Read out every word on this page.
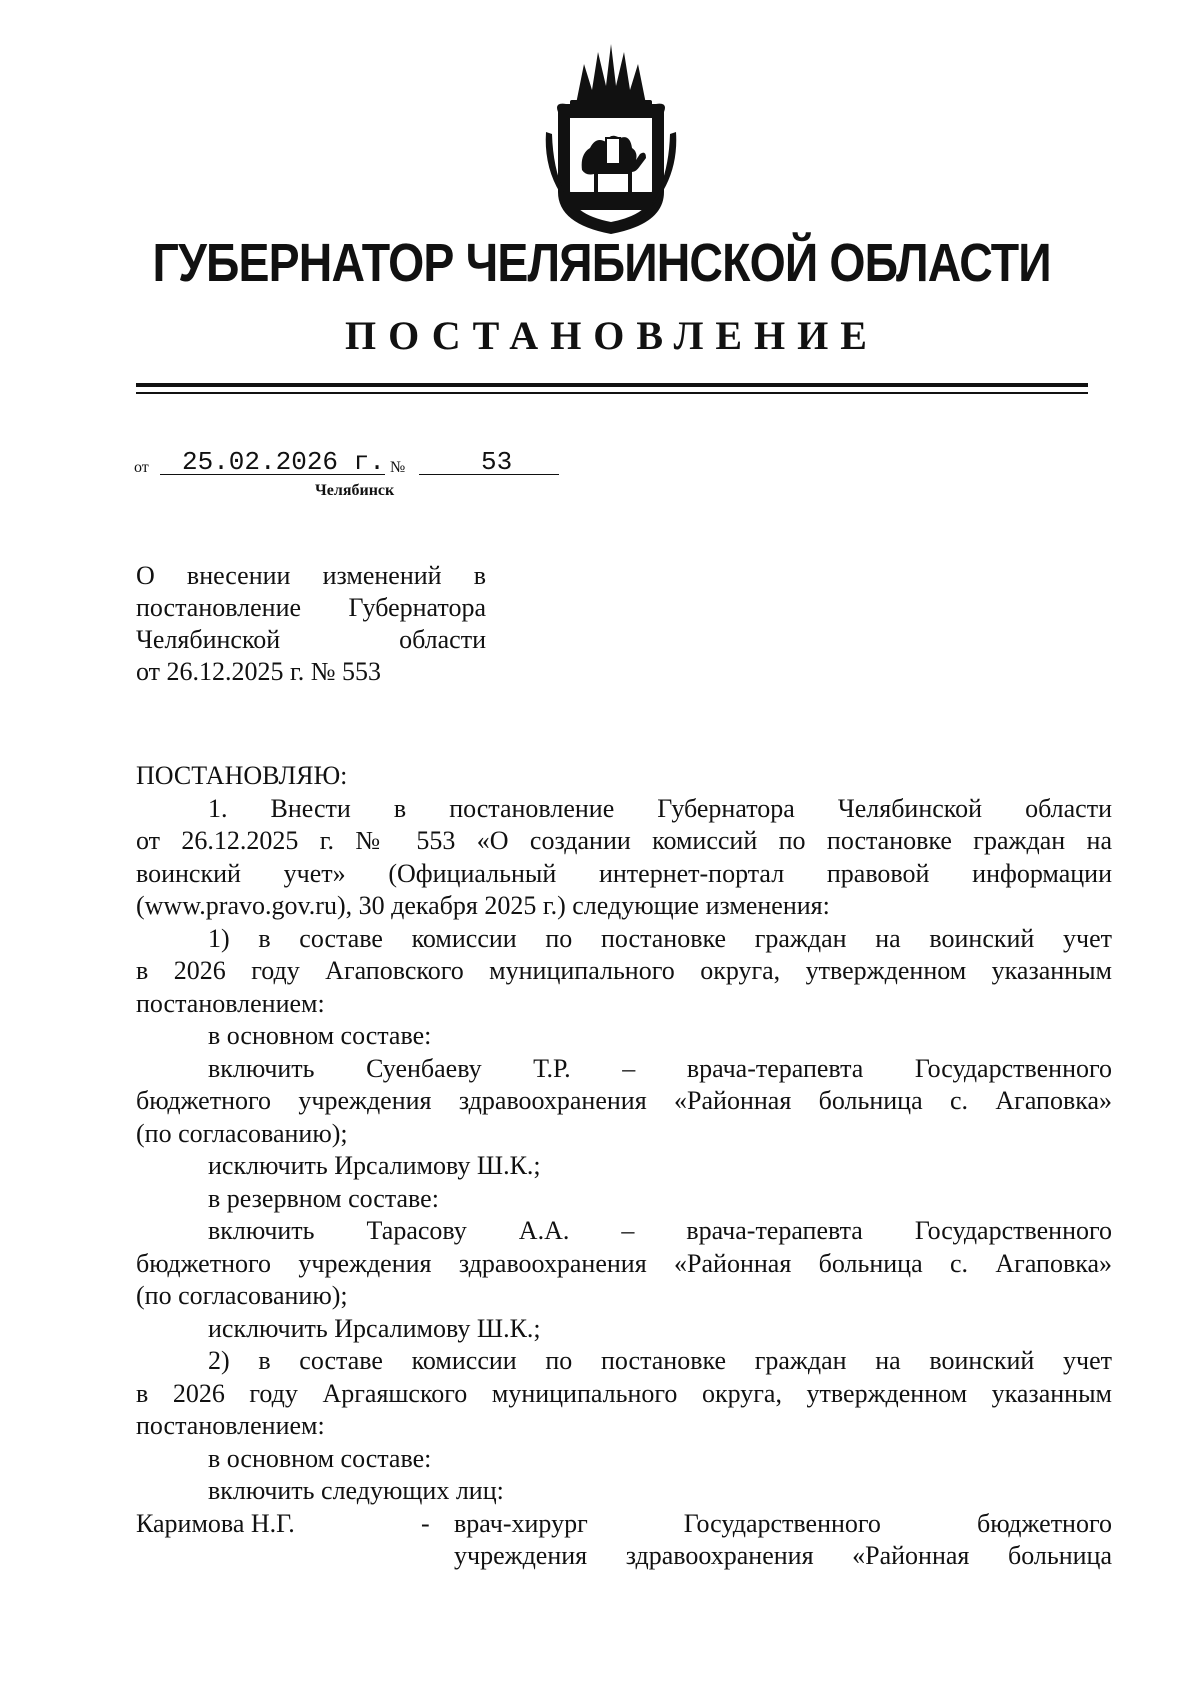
ГУБЕРНАТОР ЧЕЛЯБИНСКОЙ ОБЛАСТИ
ПОСТАНОВЛЕНИЕ
от 25.02.2026 г. №	53
Челябинск
О внесении изменений в
постановление Губернатора
Челябинской области
от 26.12.2025 г. № 553
ПОСТАНОВЛЯЮ:
1. Внести в постановление Губернатора Челябинской области
от 26.12.2025 г. № 553 «О создании комиссий по постановке граждан на
воинский учет» (Официальный интернет-портал правовой информации
(www.pravo.gov.ru), 30 декабря 2025 г.) следующие изменения:
1) в составе комиссии по постановке граждан на воинский учет
в 2026 году Агаповского муниципального округа, утвержденном указанным
постановлением:
в основном составе:
включить Суенбаеву Т.Р. – врача-терапевта Государственного
бюджетного учреждения здравоохранения «Районная больница с. Агаповка»
(по согласованию);
исключить Ирсалимову Ш.К.;
в резервном составе:
включить Тарасову А.А. – врача-терапевта Государственного
бюджетного учреждения здравоохранения «Районная больница с. Агаповка»
(по согласованию);
исключить Ирсалимову Ш.К.;
2) в составе комиссии по постановке граждан на воинский учет
в 2026 году Аргаяшского муниципального округа, утвержденном указанным
постановлением:
в основном составе:
включить следующих лиц:
Каримова Н.Г.	- врач-хирург Государственного бюджетного
учреждения здравоохранения «Районная больница
